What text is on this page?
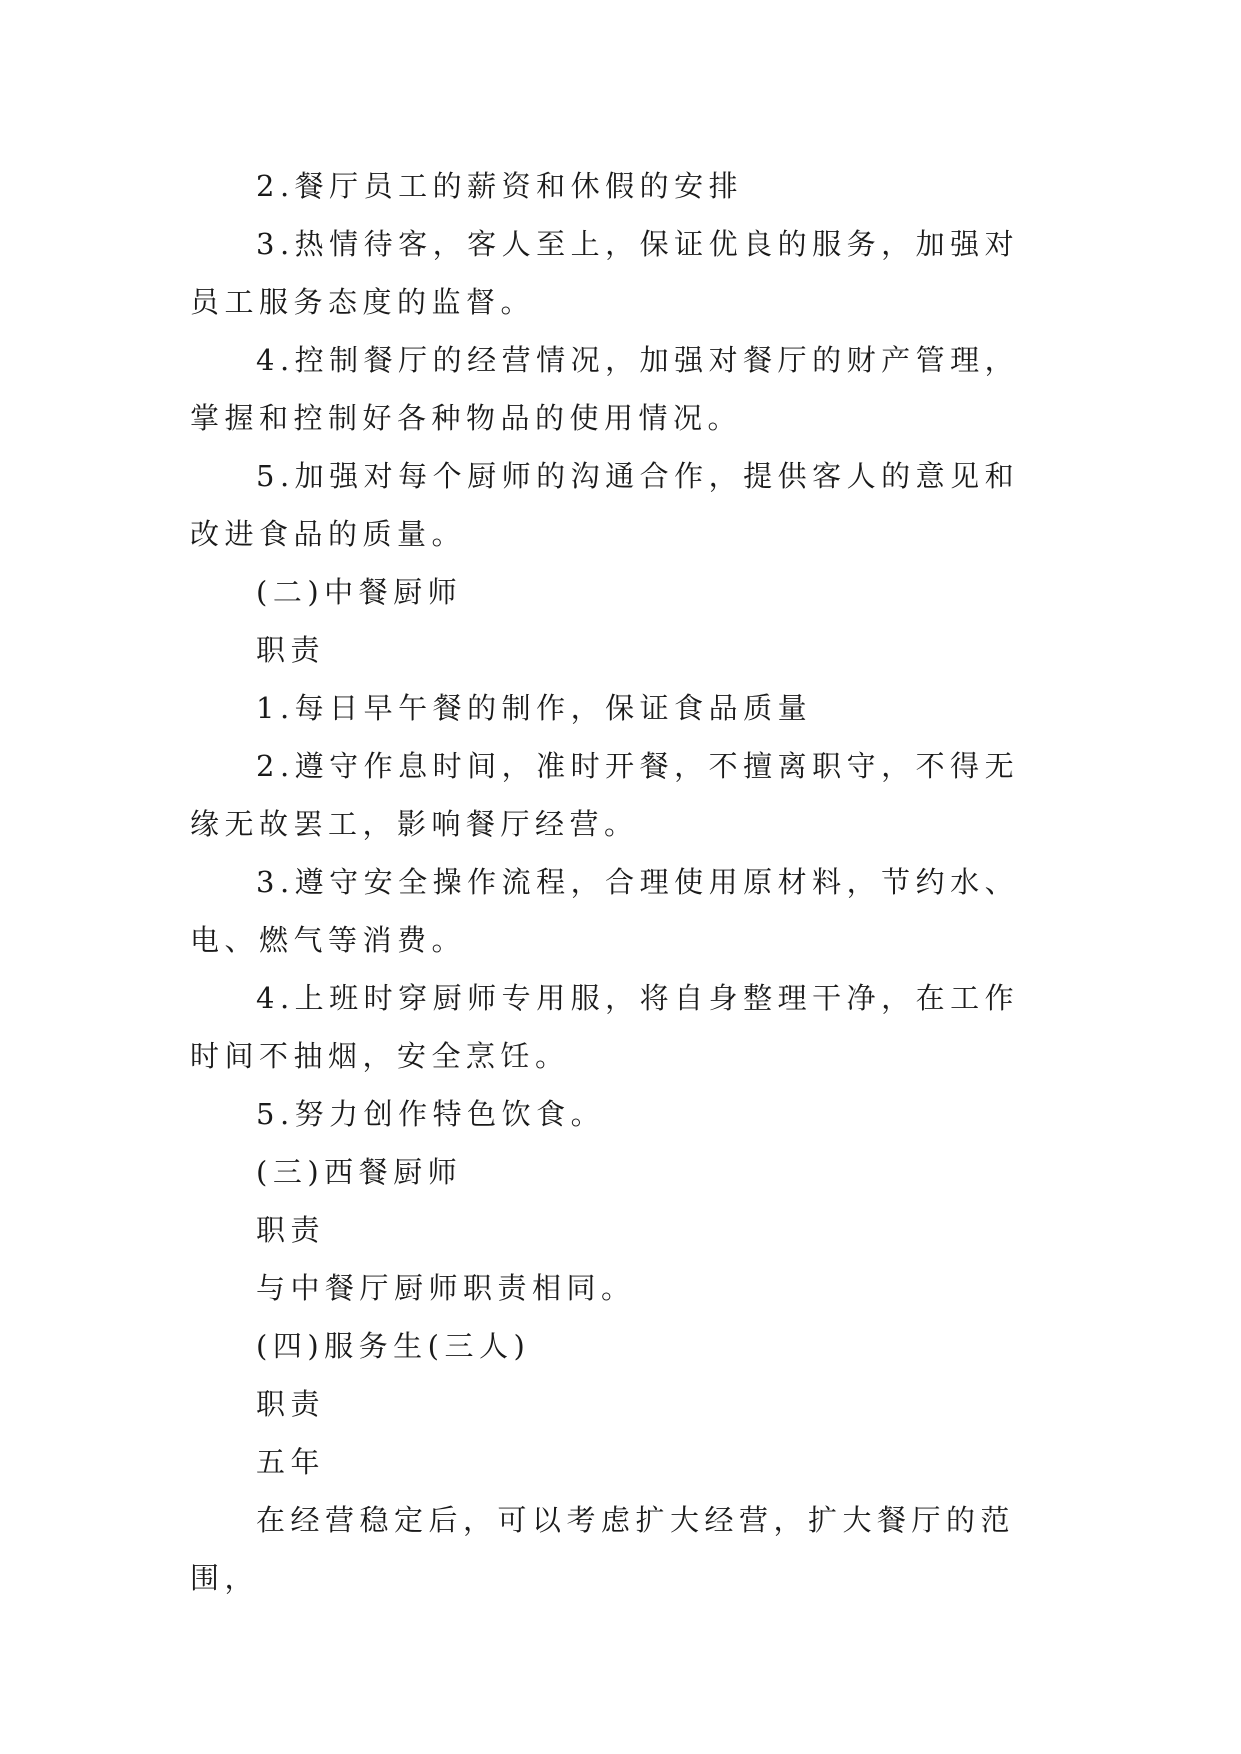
2.餐厅员工的薪资和休假的安排

3.热情待客，客人至上，保证优良的服务，加强对员工服务态度的监督。

4.控制餐厅的经营情况，加强对餐厅的财产管理，掌握和控制好各种物品的使用情况。

5.加强对每个厨师的沟通合作，提供客人的意见和改进食品的质量。

(二)中餐厨师

职责

1.每日早午餐的制作，保证食品质量

2.遵守作息时间，准时开餐，不擅离职守，不得无缘无故罢工，影响餐厅经营。

3.遵守安全操作流程，合理使用原材料，节约水、电、燃气等消费。

4.上班时穿厨师专用服，将自身整理干净，在工作时间不抽烟，安全烹饪。

5.努力创作特色饮食。

(三)西餐厨师

职责

与中餐厅厨师职责相同。

(四)服务生(三人)

职责

五年

在经营稳定后，可以考虑扩大经营，扩大餐厅的范围，
